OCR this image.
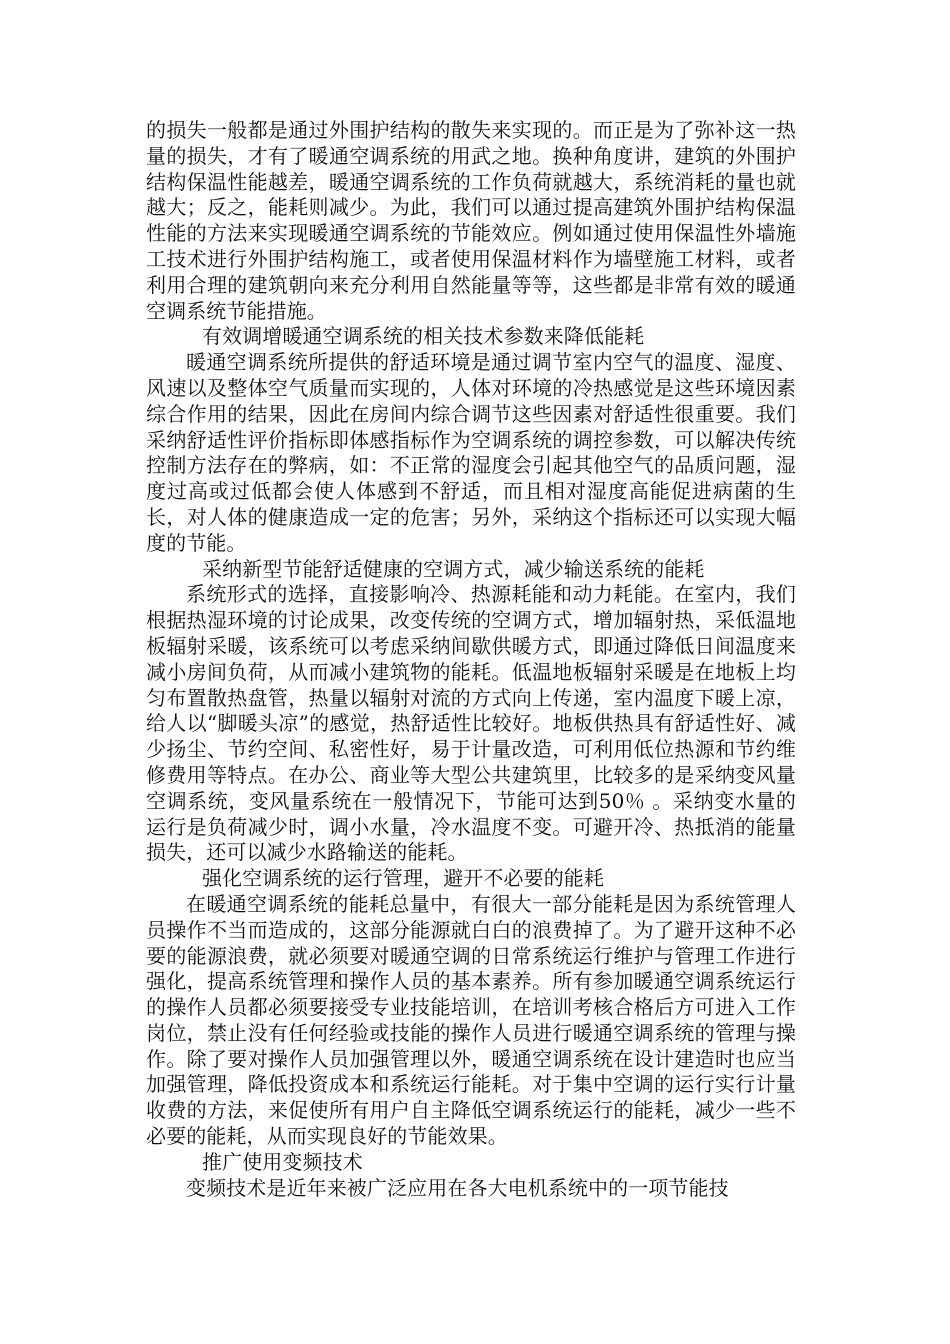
的损失一般都是通过外围护结构的散失来实现的。而正是为了弥补这一热量的损失，才有了暖通空调系统的用武之地。换种角度讲，建筑的外围护结构保温性能越差，暖通空调系统的工作负荷就越大，系统消耗的量也就越大；反之，能耗则减少。为此，我们可以通过提高建筑外围护结构保温性能的方法来实现暖通空调系统的节能效应。例如通过使用保温性外墙施工技术进行外围护结构施工，或者使用保温材料作为墙壁施工材料，或者利用合理的建筑朝向来充分利用自然能量等等，这些都是非常有效的暖通空调系统节能措施。

有效调增暖通空调系统的相关技术参数来降低能耗

暖通空调系统所提供的舒适环境是通过调节室内空气的温度、湿度、风速以及整体空气质量而实现的，人体对环境的冷热感觉是这些环境因素综合作用的结果，因此在房间内综合调节这些因素对舒适性很重要。我们采纳舒适性评价指标即体感指标作为空调系统的调控参数，可以解决传统控制方法存在的弊病，如：不正常的湿度会引起其他空气的品质问题，湿度过高或过低都会使人体感到不舒适，而且相对湿度高能促进病菌的生长，对人体的健康造成一定的危害；另外，采纳这个指标还可以实现大幅度的节能。

采纳新型节能舒适健康的空调方式，减少输送系统的能耗

系统形式的选择，直接影响冷、热源耗能和动力耗能。在室内，我们根据热湿环境的讨论成果，改变传统的空调方式，增加辐射热，采低温地板辐射采暖，该系统可以考虑采纳间歇供暖方式，即通过降低日间温度来减小房间负荷，从而减小建筑物的能耗。低温地板辐射采暖是在地板上均匀布置散热盘管，热量以辐射对流的方式向上传递，室内温度下暖上凉，给人以“脚暖头凉”的感觉，热舒适性比较好。地板供热具有舒适性好、减少扬尘、节约空间、私密性好，易于计量改造，可利用低位热源和节约维修费用等特点。在办公、商业等大型公共建筑里，比较多的是采纳变风量空调系统，变风量系统在一般情况下，节能可达到50％ 。采纳变水量的运行是负荷减少时，调小水量，冷水温度不变。可避开冷、热抵消的能量损失，还可以减少水路输送的能耗。

强化空调系统的运行管理，避开不必要的能耗

在暖通空调系统的能耗总量中，有很大一部分能耗是因为系统管理人员操作不当而造成的，这部分能源就白白的浪费掉了。为了避开这种不必要的能源浪费，就必须要对暖通空调的日常系统运行维护与管理工作进行强化，提高系统管理和操作人员的基本素养。所有参加暖通空调系统运行的操作人员都必须要接受专业技能培训，在培训考核合格后方可进入工作岗位，禁止没有任何经验或技能的操作人员进行暖通空调系统的管理与操作。除了要对操作人员加强管理以外，暖通空调系统在设计建造时也应当加强管理，降低投资成本和系统运行能耗。对于集中空调的运行实行计量收费的方法，来促使所有用户自主降低空调系统运行的能耗，减少一些不必要的能耗，从而实现良好的节能效果。

推广使用变频技术

变频技术是近年来被广泛应用在各大电机系统中的一项节能技
